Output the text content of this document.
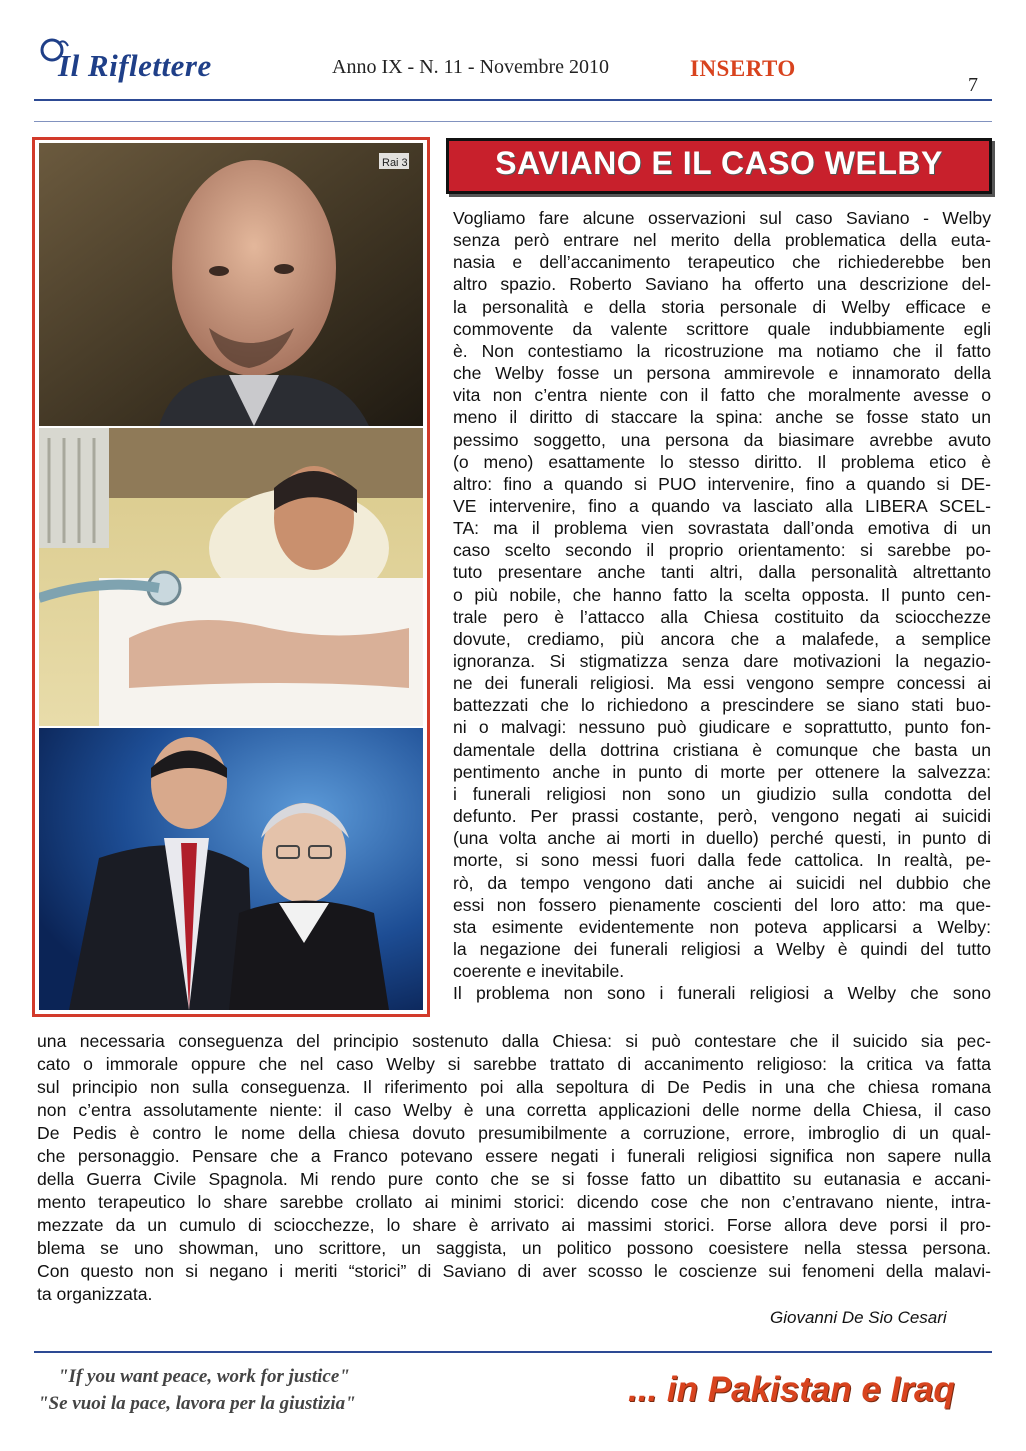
Il Riflettere	Anno IX - N. 11 - Novembre 2010	INSERTO
7
Rai 3	SAVIANO E IL CASO WELBY
Vogliamo fare alcune osservazioni sul caso Saviano - Welby
senza però entrare nel merito della problematica della euta-
nasia e dell’accanimento terapeutico che richiederebbe ben
altro spazio. Roberto Saviano ha offerto una descrizione del-
la personalità e della storia personale di Welby efficace e
commovente da valente scrittore quale indubbiamente egli
è. Non contestiamo la ricostruzione ma notiamo che il fatto
che Welby fosse un persona ammirevole e innamorato della
vita non c’entra niente con il fatto che moralmente avesse o
meno il diritto di staccare la spina: anche se fosse stato un
pessimo soggetto, una persona da biasimare avrebbe avuto
(o meno) esattamente lo stesso diritto. Il problema etico è
altro: fino a quando si PUO intervenire, fino a quando si DE-
VE intervenire, fino a quando va lasciato alla LIBERA SCEL-
TA: ma il problema vien sovrastata dall’onda emotiva di un
caso scelto secondo il proprio orientamento: si sarebbe po-
tuto presentare anche tanti altri, dalla personalità altrettanto
o più nobile, che hanno fatto la scelta opposta. Il punto cen-
trale pero è l’attacco alla Chiesa costituito da sciocchezze
dovute, crediamo, più ancora che a malafede, a semplice
ignoranza. Si stigmatizza senza dare motivazioni la negazio-
ne dei funerali religiosi. Ma essi vengono sempre concessi ai
battezzati che lo richiedono a prescindere se siano stati buo-
ni o malvagi: nessuno può giudicare e soprattutto, punto fon-
damentale della dottrina cristiana è comunque che basta un
pentimento anche in punto di morte per ottenere la salvezza:
i funerali religiosi non sono un giudizio sulla condotta del
defunto. Per prassi costante, però, vengono negati ai suicidi
(una volta anche ai morti in duello) perché questi, in punto di
morte, si sono messi fuori dalla fede cattolica. In realtà, pe-
rò, da tempo vengono dati anche ai suicidi nel dubbio che
essi non fossero pienamente coscienti del loro atto: ma que-
sta esimente evidentemente non poteva applicarsi a Welby:
la negazione dei funerali religiosi a Welby è quindi del tutto
coerente e inevitabile.
Il problema non sono i funerali religiosi a Welby che sono
una necessaria conseguenza del principio sostenuto dalla Chiesa: si può contestare che il suicido sia pec-
cato o immorale oppure che nel caso Welby si sarebbe trattato di accanimento religioso: la critica va fatta
sul principio non sulla conseguenza. Il riferimento poi alla sepoltura di De Pedis in una che chiesa romana
non c’entra assolutamente niente: il caso Welby è una corretta applicazioni delle norme della Chiesa, il caso
De Pedis è contro le nome della chiesa dovuto presumibilmente a corruzione, errore, imbroglio di un qual-
che personaggio. Pensare che a Franco potevano essere negati i funerali religiosi significa non sapere nulla
della Guerra Civile Spagnola. Mi rendo pure conto che se si fosse fatto un dibattito su eutanasia e accani-
mento terapeutico lo share sarebbe crollato ai minimi storici: dicendo cose che non c’entravano niente, intra-
mezzate da un cumulo di sciocchezze, lo share è arrivato ai massimi storici. Forse allora deve porsi il pro-
blema se uno showman, uno scrittore, un saggista, un politico possono coesistere nella stessa persona.
Con questo non si negano i meriti “storici” di Saviano di aver scosso le coscienze sui fenomeni della malavi-
ta organizzata.
Giovanni De Sio Cesari
"If you want peace, work for justice"
"Se vuoi la pace, lavora per la giustizia"	... in Pakistan e Iraq
